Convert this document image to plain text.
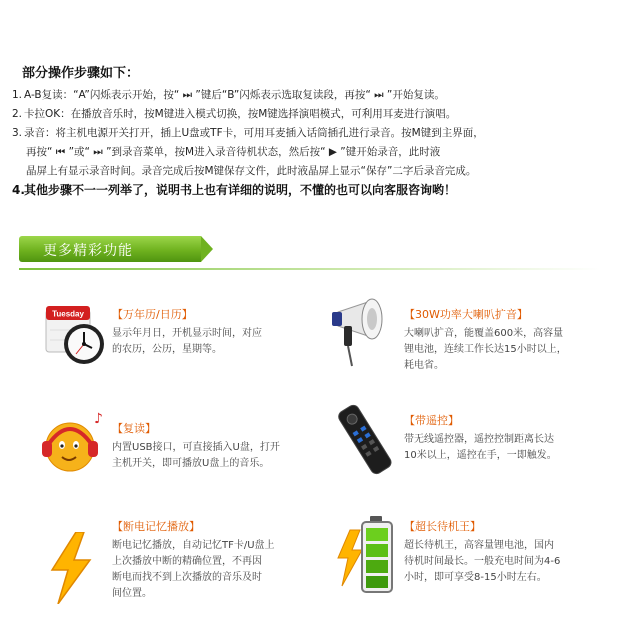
部分操作步骤如下：
1. A-B复读：“A”闪烁表示开始，按“ ⏭ ”键后“B”闪烁表示选取复读段，再按“ ⏭ ”开始复读。
2. 卡拉OK：在播放音乐时，按M键进入模式切换，按M键选择演唱模式，可利用耳麦进行演唱。
3. 录音：将主机电源开关打开，插上U盘或TF卡，可用耳麦插入话筒插孔进行录音。按M键到主界面，
再按“ ⏮ ”或“ ⏭ ”到录音菜单，按M进入录音待机状态，然后按“ ▶ ”键开始录音，此时液
晶屏上有显示录音时间。录音完成后按M键保存文件，此时液晶屏上显示“保存”二字后录音完成。
4.其他步骤不一一列举了，说明书上也有详细的说明，不懂的也可以向客服咨询哟！
更多精彩功能
Tuesday	【万年历/日历】

显示年月日，开机显示时间，对应
的农历，公历，星期等。

【30W功率大喇叭扩音】

大喇叭扩音，能覆盖600米，高容量
锂电池，连续工作长达15小时以上，
耗电省。
♪

【复读】

内置USB接口，可直接插入U盘，打开
主机开关，即可播放U盘上的音乐。

【带遥控】

带无线遥控器，遥控控制距离长达
10米以上，遥控在手，一即触发。

【断电记忆播放】

断电记忆播放，自动记忆TF卡/U盘上
上次播放中断的精确位置，不再因
断电而找不到上次播放的音乐及时
间位置。

【超长待机王】

超长待机王，高容量锂电池，国内
待机时间最长。一般充电时间为4-6
小时，即可享受8-15小时左右。
